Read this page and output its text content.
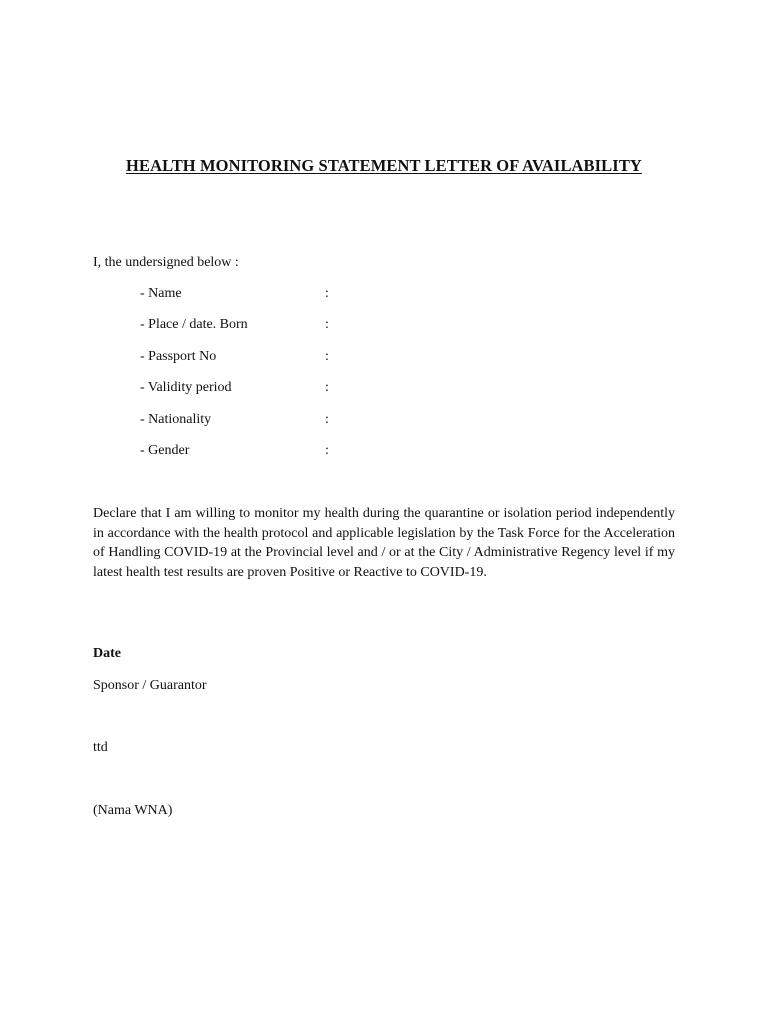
HEALTH MONITORING STATEMENT LETTER OF AVAILABILITY
I, the undersigned below :
- Name	:
- Place / date. Born	:
- Passport No	:
- Validity period	:
- Nationality	:
- Gender	:
Declare that I am willing to monitor my health during the quarantine or isolation period independently in accordance with the health protocol and applicable legislation by the Task Force for the Acceleration of Handling COVID-19 at the Provincial level and / or at the City / Administrative Regency level if my latest health test results are proven Positive or Reactive to COVID-19.
Date
Sponsor / Guarantor
ttd
(Nama WNA)
